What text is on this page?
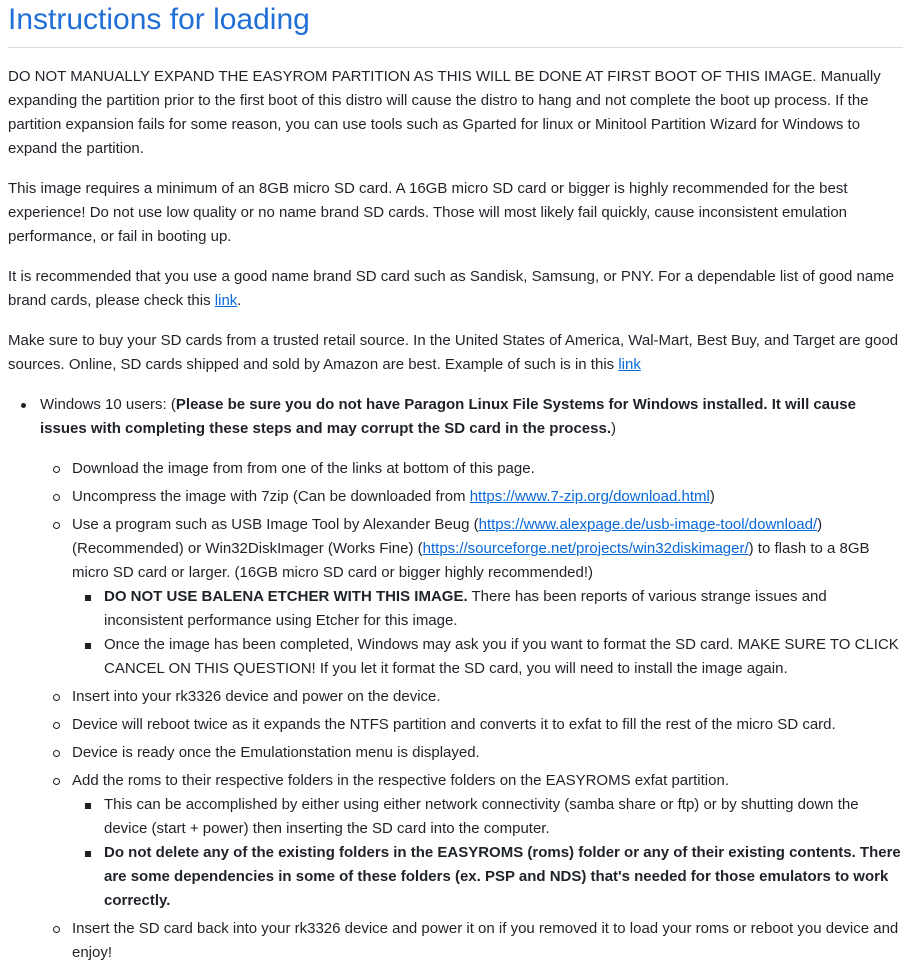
Instructions for loading

DO NOT MANUALLY EXPAND THE EASYROM PARTITION AS THIS WILL BE DONE AT FIRST BOOT OF THIS IMAGE. Manually expanding the partition prior to the first boot of this distro will cause the distro to hang and not complete the boot up process. If the partition expansion fails for some reason, you can use tools such as Gparted for linux or Minitool Partition Wizard for Windows to expand the partition.

This image requires a minimum of an 8GB micro SD card. A 16GB micro SD card or bigger is highly recommended for the best experience! Do not use low quality or no name brand SD cards. Those will most likely fail quickly, cause inconsistent emulation performance, or fail in booting up.

It is recommended that you use a good name brand SD card such as Sandisk, Samsung, or PNY. For a dependable list of good name brand cards, please check this link.

Make sure to buy your SD cards from a trusted retail source. In the United States of America, Wal-Mart, Best Buy, and Target are good sources. Online, SD cards shipped and sold by Amazon are best. Example of such is in this link

Windows 10 users: (Please be sure you do not have Paragon Linux File Systems for Windows installed. It will cause issues with completing these steps and may corrupt the SD card in the process.)
Download the image from from one of the links at bottom of this page.
Uncompress the image with 7zip (Can be downloaded from https://www.7-zip.org/download.html)
Use a program such as USB Image Tool by Alexander Beug (https://www.alexpage.de/usb-image-tool/download/) (Recommended) or Win32DiskImager (Works Fine) (https://sourceforge.net/projects/win32diskimager/) to flash to a 8GB micro SD card or larger. (16GB micro SD card or bigger highly recommended!)
DO NOT USE BALENA ETCHER WITH THIS IMAGE. There has been reports of various strange issues and inconsistent performance using Etcher for this image.
Once the image has been completed, Windows may ask you if you want to format the SD card. MAKE SURE TO CLICK CANCEL ON THIS QUESTION! If you let it format the SD card, you will need to install the image again.
Insert into your rk3326 device and power on the device.
Device will reboot twice as it expands the NTFS partition and converts it to exfat to fill the rest of the micro SD card.
Device is ready once the Emulationstation menu is displayed.
Add the roms to their respective folders in the respective folders on the EASYROMS exfat partition.
This can be accomplished by either using either network connectivity (samba share or ftp) or by shutting down the device (start + power) then inserting the SD card into the computer.
Do not delete any of the existing folders in the EASYROMS (roms) folder or any of their existing contents. There are some dependencies in some of these folders (ex. PSP and NDS) that's needed for those emulators to work correctly.
Insert the SD card back into your rk3326 device and power it on if you removed it to load your roms or reboot you device and enjoy!
